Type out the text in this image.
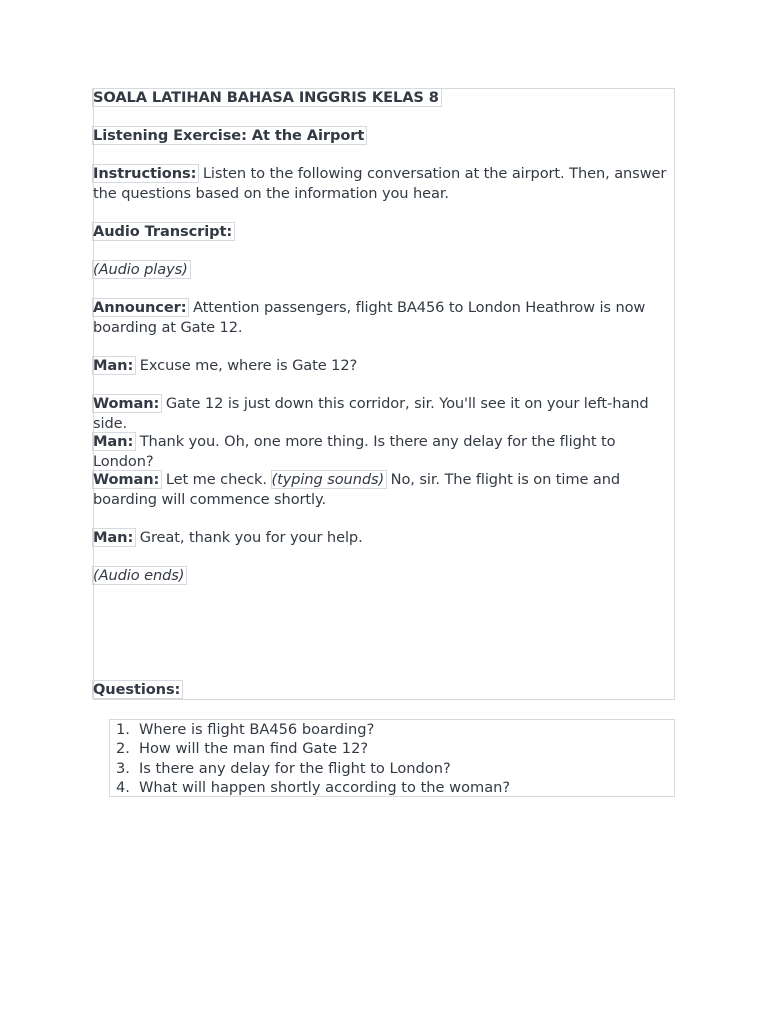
SOALA LATIHAN BAHASA INGGRIS KELAS 8

Listening Exercise: At the Airport

Instructions: Listen to the following conversation at the airport. Then, answer the questions based on the information you hear.

Audio Transcript:

(Audio plays)

Announcer: Attention passengers, flight BA456 to London Heathrow is now boarding at Gate 12.

Man: Excuse me, where is Gate 12?

Woman: Gate 12 is just down this corridor, sir. You'll see it on your left-hand side.

Man: Thank you. Oh, one more thing. Is there any delay for the flight to London?

Woman: Let me check. (typing sounds) No, sir. The flight is on time and boarding will commence shortly.

Man: Great, thank you for your help.

(Audio ends)

Questions:

1. Where is flight BA456 boarding?
2. How will the man find Gate 12?
3. Is there any delay for the flight to London?
4. What will happen shortly according to the woman?
